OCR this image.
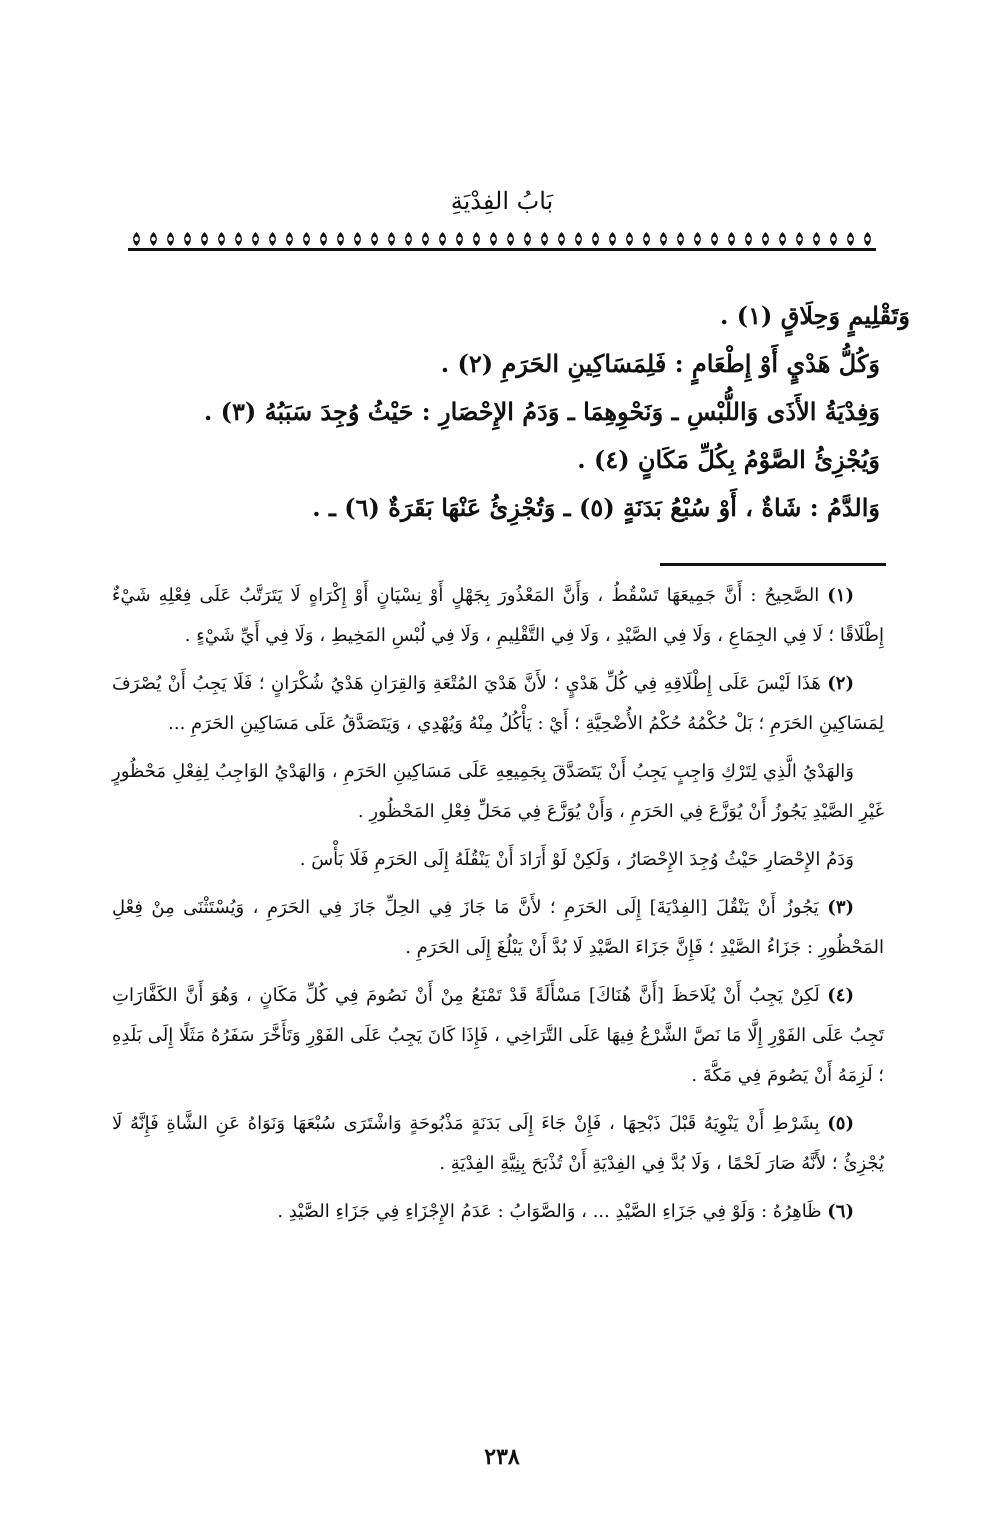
بَابُ الفِدْيَةِ
وَتَقْلِيمٍ وَحِلَاقٍ (١) .
وَكُلُّ هَدْيٍ أَوْ إِطْعَامٍ : فَلِمَسَاكِينِ الحَرَمِ (٢) .
وَفِدْيَةُ الأَذَى وَاللُّبْسِ ـ وَنَحْوِهِمَا ـ وَدَمُ الإِحْصَارِ : حَيْثُ وُجِدَ سَبَبُهُ (٣) .
وَيُجْزِئُ الصَّوْمُ بِكُلِّ مَكَانٍ (٤) .
وَالدَّمُ : شَاةٌ ، أَوْ سُبْعُ بَدَنَةٍ (٥) ـ وَتُجْزِئُ عَنْهَا بَقَرَةٌ (٦) ـ .

(١) الصَّحِيحُ : أَنَّ جَمِيعَهَا تَسْقُطُ ، وَأَنَّ المَعْذُورَ بِجَهْلٍ أَوْ نِسْيَانٍ أَوْ إِكْرَاهٍ لَا يَتَرَتَّبُ عَلَى فِعْلِهِ شَيْءٌ إِطْلَاقًا ؛ لَا فِي الجِمَاعِ ، وَلَا فِي الصَّيْدِ ، وَلَا فِي التَّقْلِيمِ ، وَلَا فِي لُبْسِ المَخِيطِ ، وَلَا فِي أَيِّ شَيْءٍ .

(٢) هَذَا لَيْسَ عَلَى إِطْلَاقِهِ فِي كُلِّ هَدْيٍ ؛ لأَنَّ هَدْيَ المُتْعَةِ وَالقِرَانِ هَدْيُ شُكْرَانٍ ؛ فَلَا يَجِبُ أَنْ يُصْرَفَ لِمَسَاكِينِ الحَرَمِ ؛ بَلْ حُكْمُهُ حُكْمُ الأُضْحِيَّةِ ؛ أَيْ : يَأْكُلُ مِنْهُ وَيُهْدِي ، وَيَتَصَدَّقُ عَلَى مَسَاكِينِ الحَرَمِ ...

وَالهَدْيُ الَّذِي لِتَرْكِ وَاجِبٍ يَجِبُ أَنْ يَتَصَدَّقَ بِجَمِيعِهِ عَلَى مَسَاكِينِ الحَرَمِ ، وَالهَدْيُ الوَاجِبُ لِفِعْلِ مَحْظُورٍ غَيْرِ الصَّيْدِ يَجُوزُ أَنْ يُوَزَّعَ فِي الحَرَمِ ، وَأَنْ يُوَزَّعَ فِي مَحَلِّ فِعْلِ المَحْظُورِ .

وَدَمُ الإِحْصَارِ حَيْثُ وُجِدَ الإِحْصَارُ ، وَلَكِنْ لَوْ أَرَادَ أَنْ يَنْقُلَهُ إِلَى الحَرَمِ فَلَا بَأْسَ .

(٣) يَجُوزُ أَنْ يَنْقُلَ [الفِدْيَةَ] إِلَى الحَرَمِ ؛ لأَنَّ مَا جَازَ فِي الحِلِّ جَازَ فِي الحَرَمِ ، وَيُسْتَثْنَى مِنْ فِعْلِ المَحْظُورِ : جَزَاءُ الصَّيْدِ ؛ فَإِنَّ جَزَاءَ الصَّيْدِ لَا بُدَّ أَنْ يَبْلُغَ إِلَى الحَرَمِ .

(٤) لَكِنْ يَجِبُ أَنْ يُلَاحَظَ [أَنَّ هُنَاكَ] مَسْأَلَةً قَدْ تَمْنَعُ مِنْ أَنْ نَصُومَ فِي كُلِّ مَكَانٍ ، وَهُوَ أَنَّ الكَفَّارَاتِ تَجِبُ عَلَى الفَوْرِ إِلَّا مَا نَصَّ الشَّرْعُ فِيهَا عَلَى التَّرَاخِي ، فَإِذَا كَانَ يَجِبُ عَلَى الفَوْرِ وَتَأَخَّرَ سَفَرُهُ مَثَلًا إِلَى بَلَدِهِ ؛ لَزِمَهُ أَنْ يَصُومَ فِي مَكَّةَ .

(٥) بِشَرْطِ أَنْ يَنْوِيَهُ قَبْلَ ذَبْحِهَا ، فَإِنْ جَاءَ إِلَى بَدَنَةٍ مَذْبُوحَةٍ وَاشْتَرَى سُبْعَهَا وَنَوَاهُ عَنِ الشَّاةِ فَإِنَّهُ لَا يُجْزِئُ ؛ لأَنَّهُ صَارَ لَحْمًا ، وَلَا بُدَّ فِي الفِدْيَةِ أَنْ تُذْبَحَ بِنِيَّةِ الفِدْيَةِ .

(٦) ظَاهِرُهُ : وَلَوْ فِي جَزَاءِ الصَّيْدِ ... ، وَالصَّوَابُ : عَدَمُ الإِجْزَاءِ فِي جَزَاءِ الصَّيْدِ .

٢٣٨
